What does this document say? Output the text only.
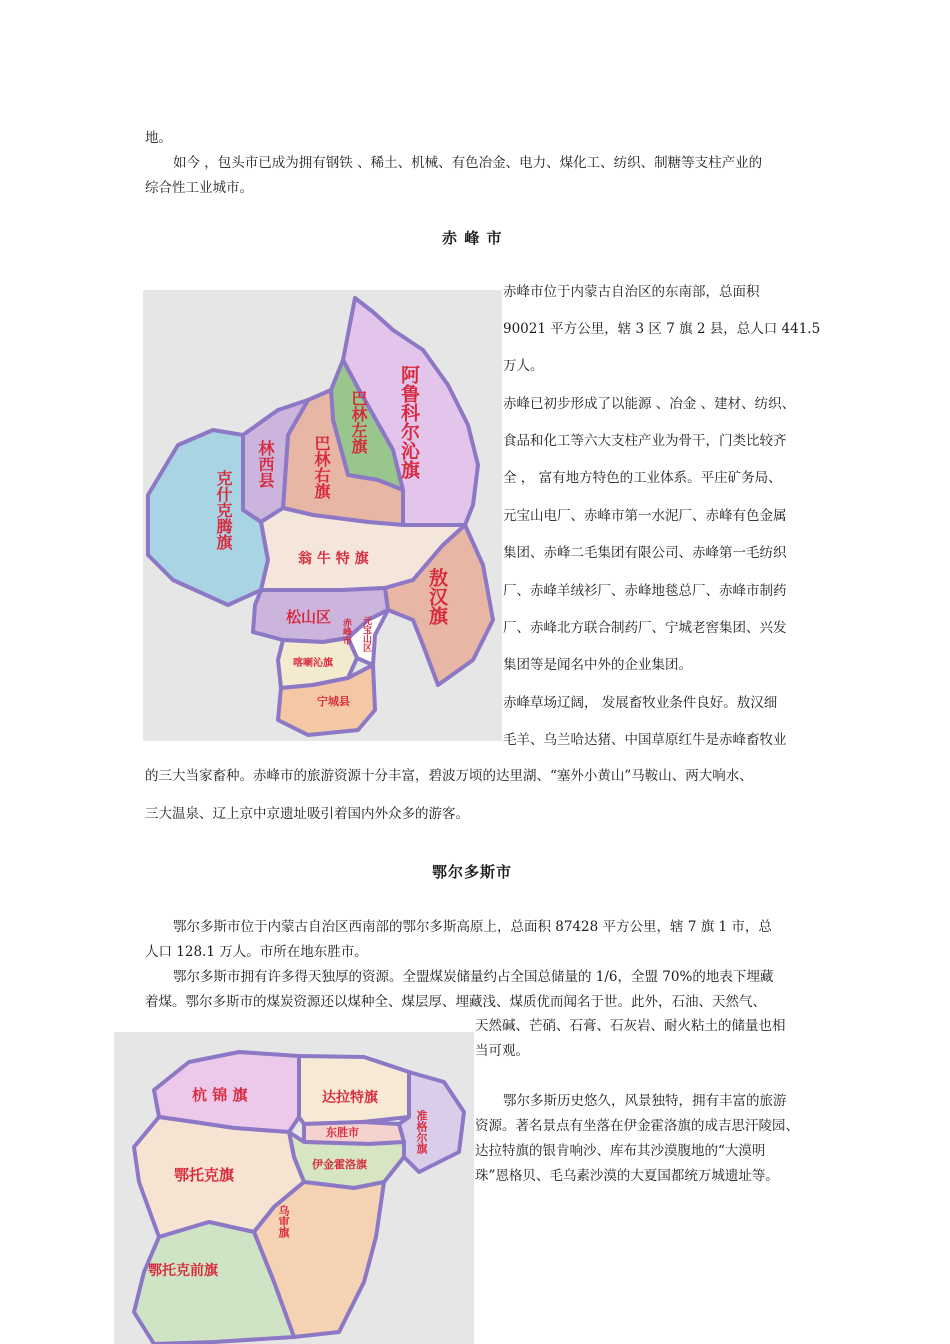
地。
如今 ，包头市已成为拥有钢铁 、稀土、机械、有色冶金、电力、煤化工、纺织、制糖等支柱产业的
综合性工业城市。
赤 峰 市
阿鲁科尔沁旗
巴林左旗
巴林右旗
林西县
克什克腾旗
翁 牛 特 旗
敖汉旗
松山区
赤峰市 元宝山区
喀喇沁旗
宁城县
赤峰市位于内蒙古自治区的东南部，总面积
90021 平方公里，辖 3 区 7 旗 2 县，总人口 441.5
万人。
赤峰已初步形成了以能源 、冶金 、建材、纺织、
食品和化工等六大支柱产业为骨干，门类比较齐
全 ， 富有地方特色的工业体系。平庄矿务局、
元宝山电厂、赤峰市第一水泥厂、赤峰有色金属
集团、赤峰二毛集团有限公司、赤峰第一毛纺织
厂、赤峰羊绒衫厂、赤峰地毯总厂、赤峰市制药
厂、赤峰北方联合制药厂、宁城老窖集团、兴发
集团等是闻名中外的企业集团。
赤峰草场辽阔， 发展畜牧业条件良好。敖汉细
毛羊、乌兰哈达猪、中国草原红牛是赤峰畜牧业
的三大当家畜种。赤峰市的旅游资源十分丰富，碧波万顷的达里湖、“塞外小黄山”马鞍山、两大响水、
三大温泉、辽上京中京遗址吸引着国内外众多的游客。
鄂尔多斯市
鄂尔多斯市位于内蒙古自治区西南部的鄂尔多斯高原上，总面积 87428 平方公里，辖 7 旗 1 市，总
人口 128.1 万人。市所在地东胜市。
鄂尔多斯市拥有许多得天独厚的资源。全盟煤炭储量约占全国总储量的 1/6，全盟 70%的地表下埋藏
着煤。鄂尔多斯市的煤炭资源还以煤种全、煤层厚、埋藏浅、煤质优而闻名于世。此外，石油、天然气、
天然碱、芒硝、石膏、石灰岩、耐火粘土的储量也相
当可观。
鄂尔多斯历史悠久，风景独特，拥有丰富的旅游
资源。著名景点有坐落在伊金霍洛旗的成吉思汗陵园、
达拉特旗的银肯响沙、库布其沙漠腹地的“大漠明
珠”恩格贝、毛乌素沙漠的大夏国都统万城遗址等。
杭 锦 旗	达拉特旗
准格尔旗
东胜市
伊金霍洛旗
鄂托克旗
乌审旗
鄂托克前旗
